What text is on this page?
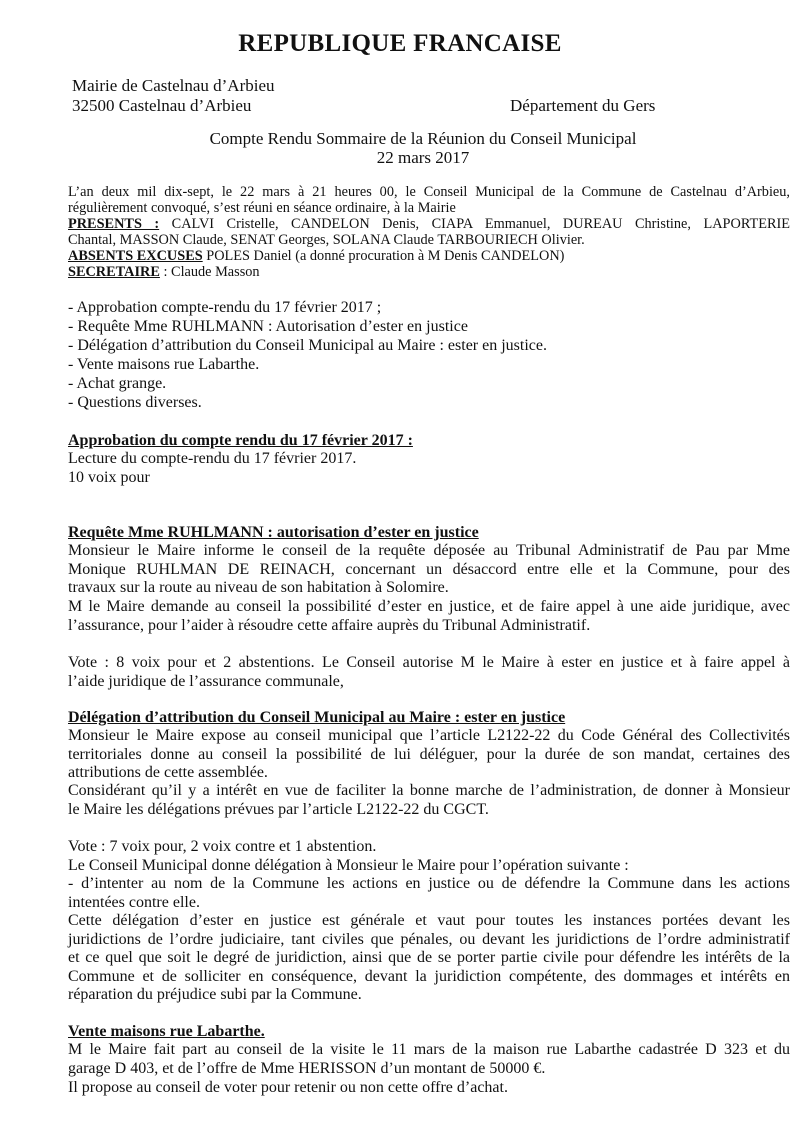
REPUBLIQUE FRANCAISE
Mairie de Castelnau d’Arbieu
32500 Castelnau d’Arbieu	Département du Gers
Compte Rendu Sommaire de la Réunion du Conseil Municipal
22 mars 2017
L’an deux mil dix-sept, le 22 mars à 21 heures 00, le Conseil Municipal de la Commune de Castelnau d’Arbieu,
régulièrement convoqué, s’est réuni en séance ordinaire, à la Mairie
PRESENTS : CALVI Cristelle, CANDELON Denis, CIAPA Emmanuel, DUREAU Christine, LAPORTERIE
Chantal, MASSON Claude, SENAT Georges, SOLANA Claude TARBOURIECH Olivier.
ABSENTS EXCUSES POLES Daniel (a donné procuration à M Denis CANDELON)
SECRETAIRE : Claude Masson
- Approbation compte-rendu du 17 février 2017 ;
- Requête Mme RUHLMANN : Autorisation d’ester en justice
- Délégation d’attribution du Conseil Municipal au Maire : ester en justice.
- Vente maisons rue Labarthe.
- Achat grange.
- Questions diverses.
Approbation du compte rendu du 17 février 2017 :
Lecture du compte-rendu du 17 février 2017.
10 voix pour
Requête Mme RUHLMANN : autorisation d’ester en justice
Monsieur le Maire informe le conseil de la requête déposée au Tribunal Administratif de Pau par Mme
Monique RUHLMAN DE REINACH, concernant un désaccord entre elle et la Commune, pour des
travaux sur la route au niveau de son habitation à Solomire.
M le Maire demande au conseil la possibilité d’ester en justice, et de faire appel à une aide juridique, avec
l’assurance, pour l’aider à résoudre cette affaire auprès du Tribunal Administratif.
Vote : 8 voix pour et 2 abstentions. Le Conseil autorise M le Maire à ester en justice et à faire appel à
l’aide juridique de l’assurance communale,
Délégation d’attribution du Conseil Municipal au Maire : ester en justice
Monsieur le Maire expose au conseil municipal que l’article L2122-22 du Code Général des Collectivités
territoriales donne au conseil la possibilité de lui déléguer, pour la durée de son mandat, certaines des
attributions de cette assemblée.
Considérant qu’il y a intérêt en vue de faciliter la bonne marche de l’administration, de donner à Monsieur
le Maire les délégations prévues par l’article L2122-22 du CGCT.
Vote : 7 voix pour, 2 voix contre et 1 abstention.
Le Conseil Municipal donne délégation à Monsieur le Maire pour l’opération suivante :
- d’intenter au nom de la Commune les actions en justice ou de défendre la Commune dans les actions
intentées contre elle.
Cette délégation d’ester en justice est générale et vaut pour toutes les instances portées devant les
juridictions de l’ordre judiciaire, tant civiles que pénales, ou devant les juridictions de l’ordre administratif
et ce quel que soit le degré de juridiction, ainsi que de se porter partie civile pour défendre les intérêts de la
Commune et de solliciter en conséquence, devant la juridiction compétente, des dommages et intérêts en
réparation du préjudice subi par la Commune.
Vente maisons rue Labarthe.
M le Maire fait part au conseil de la visite le 11 mars de la maison rue Labarthe cadastrée D 323 et du
garage D 403, et de l’offre de Mme HERISSON d’un montant de 50000 €.
Il propose au conseil de voter pour retenir ou non cette offre d’achat.
